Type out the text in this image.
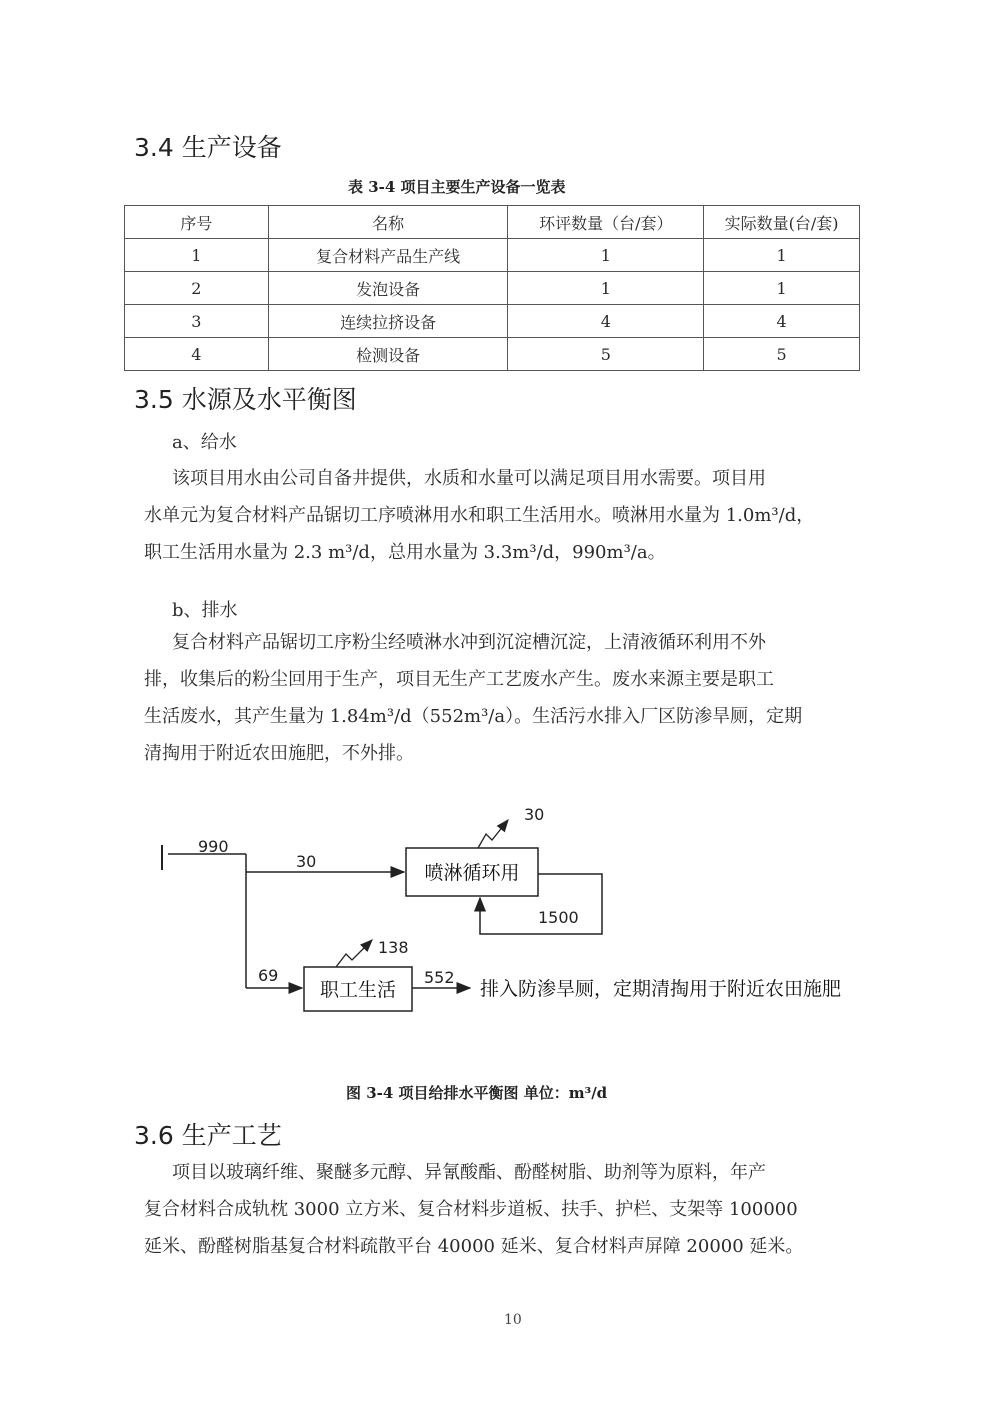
3.4 生产设备
表 3-4 项目主要生产设备一览表
序号	名称	环评数量（台/套）	实际数量(台/套)
1	复合材料产品生产线	1	1
2	发泡设备	1	1
3	连续拉挤设备	4	4
4	检测设备	5	5
3.5 水源及水平衡图
a、给水
该项目用水由公司自备井提供，水质和水量可以满足项目用水需要。项目用
水单元为复合材料产品锯切工序喷淋用水和职工生活用水。喷淋用水量为 1.0m³/d，
职工生活用水量为 2.3 m³/d，总用水量为 3.3m³/d，990m³/a。
b、排水
复合材料产品锯切工序粉尘经喷淋水冲到沉淀槽沉淀，上清液循环利用不外
排，收集后的粉尘回用于生产，项目无生产工艺废水产生。废水来源主要是职工
生活废水，其产生量为 1.84m³/d（552m³/a）。生活污水排入厂区防渗旱厕，定期
清掏用于附近农田施肥，不外排。
990
30
喷淋循环用
30
1500
69
职工生活
138
552
排入防渗旱厕，定期清掏用于附近农田施肥
图 3-4 项目给排水平衡图 单位：m³/d
3.6 生产工艺
项目以玻璃纤维、聚醚多元醇、异氰酸酯、酚醛树脂、助剂等为原料，年产
复合材料合成轨枕 3000 立方米、复合材料步道板、扶手、护栏、支架等 100000
延米、酚醛树脂基复合材料疏散平台 40000 延米、复合材料声屏障 20000 延米。
10
